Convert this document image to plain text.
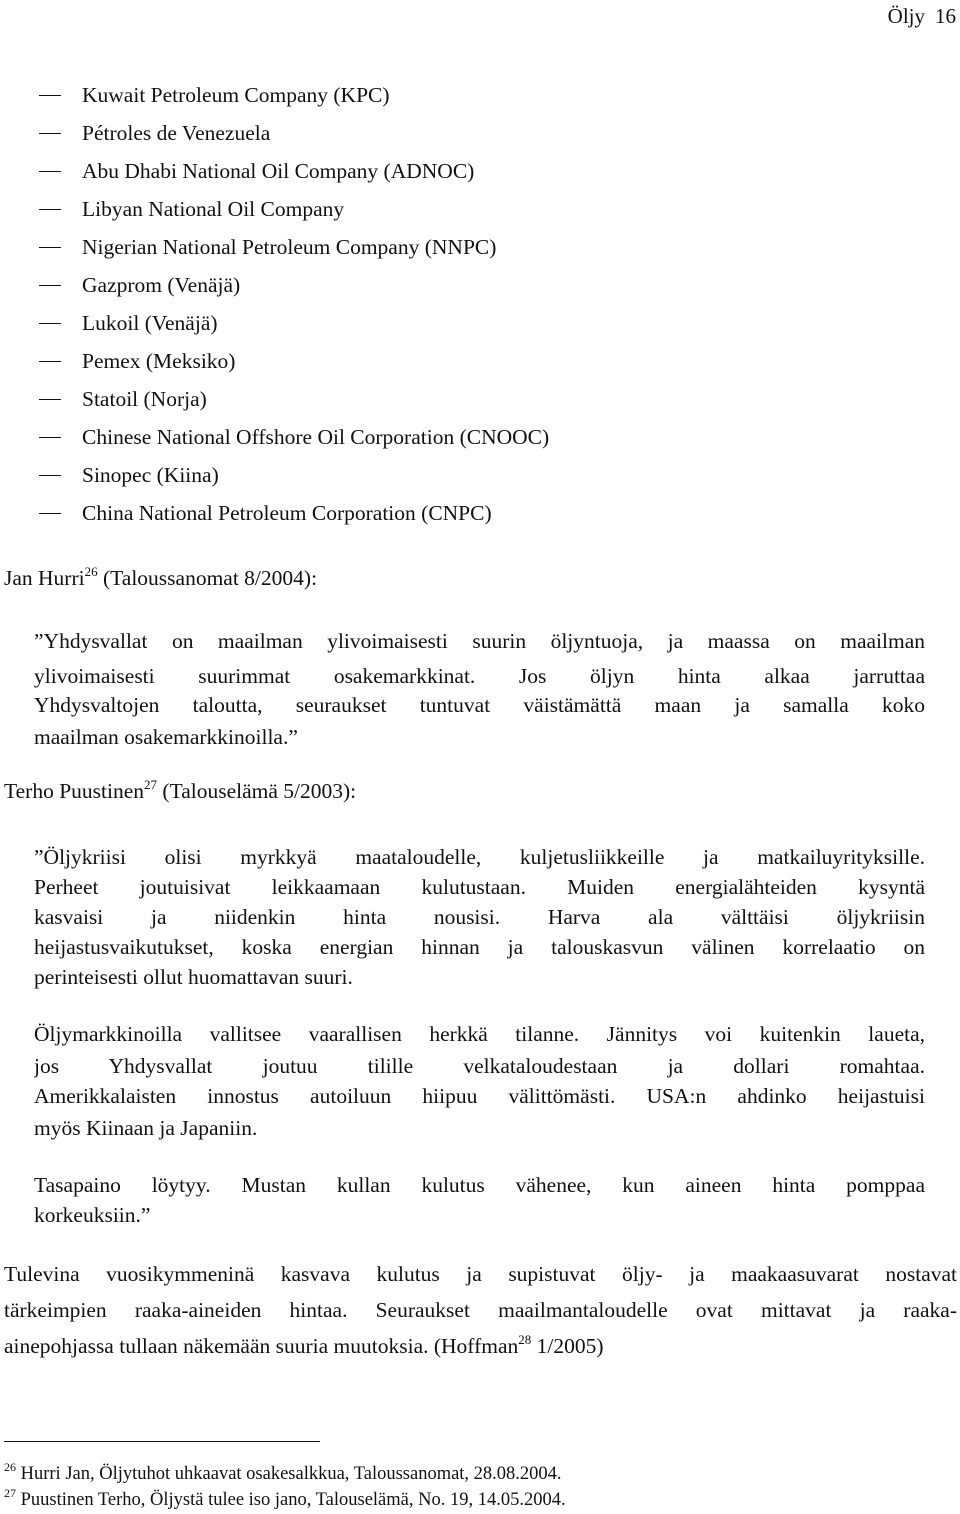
Öljy 16
Kuwait Petroleum Company (KPC)
Pétroles de Venezuela
Abu Dhabi National Oil Company (ADNOC)
Libyan National Oil Company
Nigerian National Petroleum Company (NNPC)
Gazprom (Venäjä)
Lukoil (Venäjä)
Pemex (Meksiko)
Statoil (Norja)
Chinese National Offshore Oil Corporation (CNOOC)
Sinopec (Kiina)
China National Petroleum Corporation (CNPC)
Jan Hurri$^{26}$ (Taloussanomat 8/2004):
”Yhdysvallat on maailman ylivoimaisesti suurin öljyntuoja, ja maassa on maailman
ylivoimaisesti suurimmat osakemarkkinat. Jos öljyn hinta alkaa jarruttaa
Yhdysvaltojen taloutta, seuraukset tuntuvat väistämättä maan ja samalla koko
maailman osakemarkkinoilla.”
Terho Puustinen$^{27}$ (Talouselämä 5/2003):
”Öljykriisi olisi myrkkyä maataloudelle, kuljetusliikkeille ja matkailuyrityksille.
Perheet joutuisivat leikkaamaan kulutustaan. Muiden energialähteiden kysyntä
kasvaisi ja niidenkin hinta nousisi. Harva ala välttäisi öljykriisin
heijastusvaikutukset, koska energian hinnan ja talouskasvun välinen korrelaatio on
perinteisesti ollut huomattavan suuri.
Öljymarkkinoilla vallitsee vaarallisen herkkä tilanne. Jännitys voi kuitenkin laueta,
jos Yhdysvallat joutuu tilille velkataloudestaan ja dollari romahtaa.
Amerikkalaisten innostus autoiluun hiipuu välittömästi. USA:n ahdinko heijastuisi
myös Kiinaan ja Japaniin.
Tasapaino löytyy. Mustan kullan kulutus vähenee, kun aineen hinta pomppaa
korkeuksiin.”
Tulevina vuosikymmeninä kasvava kulutus ja supistuvat öljy- ja maakaasuvarat nostavat
tärkeimpien raaka-aineiden hintaa. Seuraukset maailmantaloudelle ovat mittavat ja raaka-
ainepohjassa tullaan näkemään suuria muutoksia. (Hoffman$^{28}$ 1/2005)
$^{26}$ Hurri Jan, Öljytuhot uhkaavat osakesalkkua, Taloussanomat, 28.08.2004.
$^{27}$ Puustinen Terho, Öljystä tulee iso jano, Talouselämä, No. 19, 14.05.2004.
